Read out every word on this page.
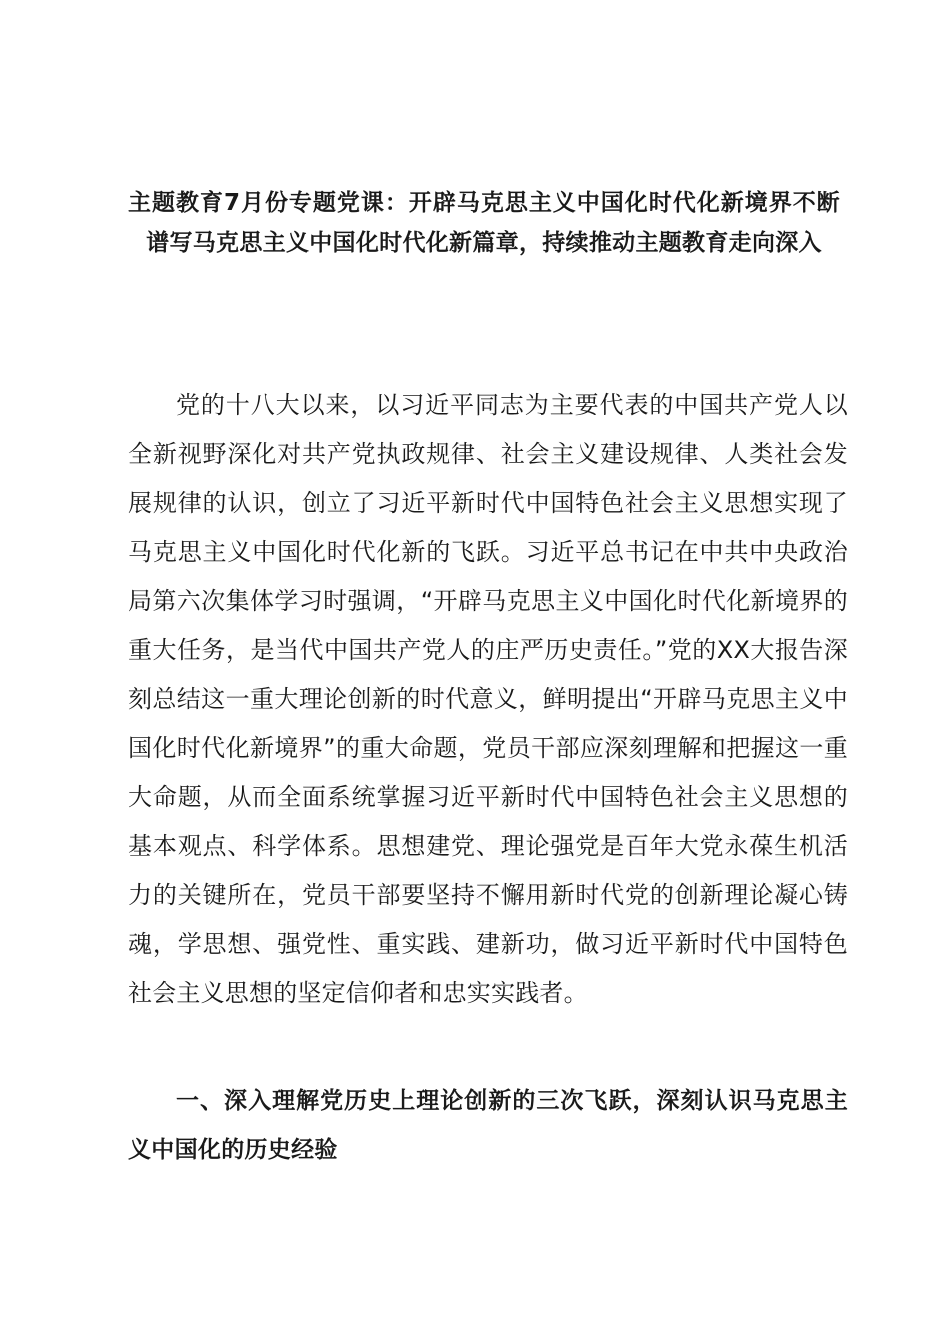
主题教育7月份专题党课：开辟马克思主义中国化时代化新境界不断谱写马克思主义中国化时代化新篇章，持续推动主题教育走向深入

党的十八大以来，以习近平同志为主要代表的中国共产党人以全新视野深化对共产党执政规律、社会主义建设规律、人类社会发展规律的认识，创立了习近平新时代中国特色社会主义思想实现了马克思主义中国化时代化新的飞跃。习近平总书记在中共中央政治局第六次集体学习时强调，“开辟马克思主义中国化时代化新境界的重大任务，是当代中国共产党人的庄严历史责任。”党的XX大报告深刻总结这一重大理论创新的时代意义，鲜明提出“开辟马克思主义中国化时代化新境界”的重大命题，党员干部应深刻理解和把握这一重大命题，从而全面系统掌握习近平新时代中国特色社会主义思想的基本观点、科学体系。思想建党、理论强党是百年大党永葆生机活力的关键所在，党员干部要坚持不懈用新时代党的创新理论凝心铸魂，学思想、强党性、重实践、建新功，做习近平新时代中国特色社会主义思想的坚定信仰者和忠实实践者。

一、深入理解党历史上理论创新的三次飞跃，深刻认识马克思主义中国化的历史经验
